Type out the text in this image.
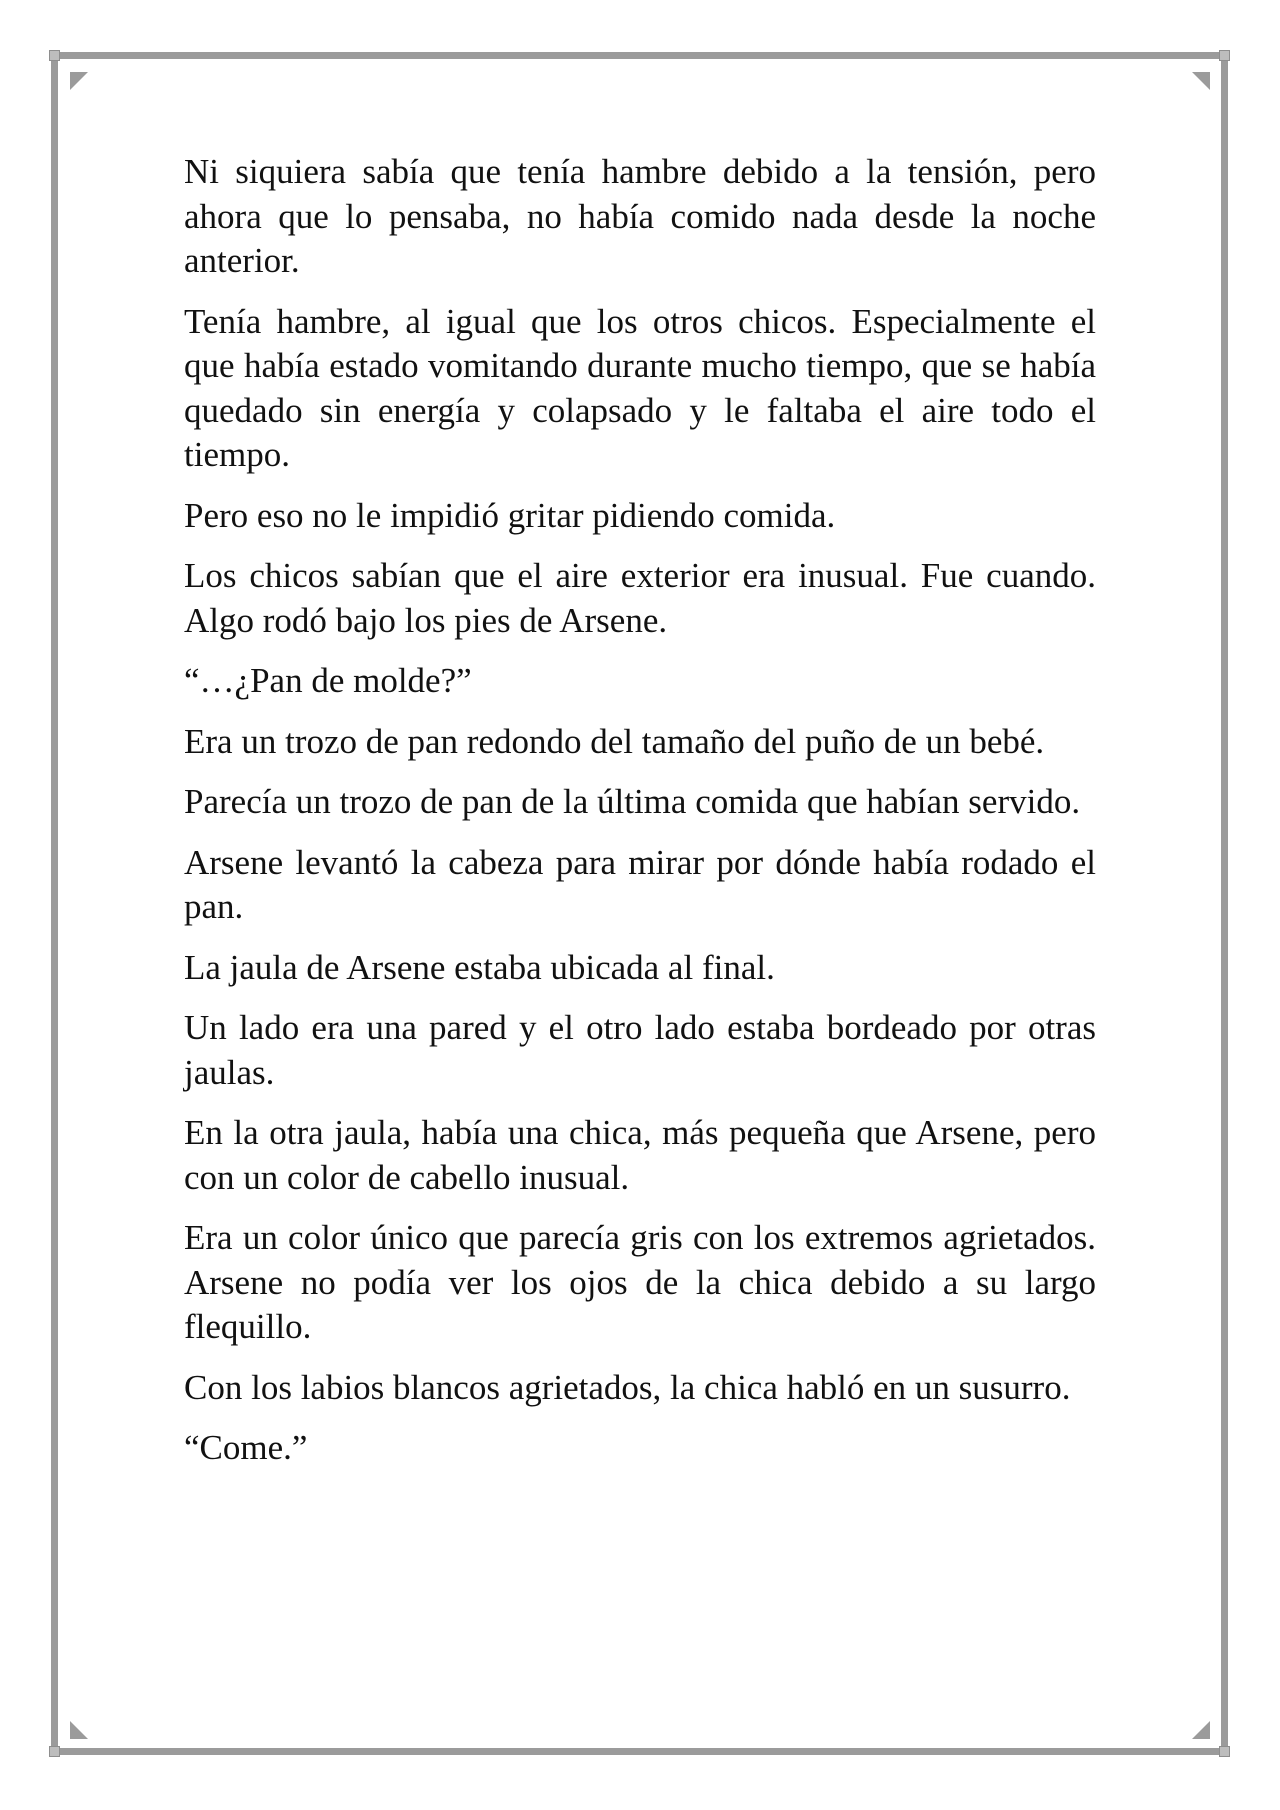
Ni siquiera sabía que tenía hambre debido a la tensión, pero ahora que lo pensaba, no había comido nada desde la noche anterior.

Tenía hambre, al igual que los otros chicos. Especialmente el que había estado vomitando durante mucho tiempo, que se había quedado sin energía y colapsado y le faltaba el aire todo el tiempo.

Pero eso no le impidió gritar pidiendo comida.

Los chicos sabían que el aire exterior era inusual. Fue cuando. Algo rodó bajo los pies de Arsene.

“…¿Pan de molde?”

Era un trozo de pan redondo del tamaño del puño de un bebé.

Parecía un trozo de pan de la última comida que habían servido.

Arsene levantó la cabeza para mirar por dónde había rodado el pan.

La jaula de Arsene estaba ubicada al final.

Un lado era una pared y el otro lado estaba bordeado por otras jaulas.

En la otra jaula, había una chica, más pequeña que Arsene, pero con un color de cabello inusual.

Era un color único que parecía gris con los extremos agrietados. Arsene no podía ver los ojos de la chica debido a su largo flequillo.

Con los labios blancos agrietados, la chica habló en un susurro.

“Come.”
